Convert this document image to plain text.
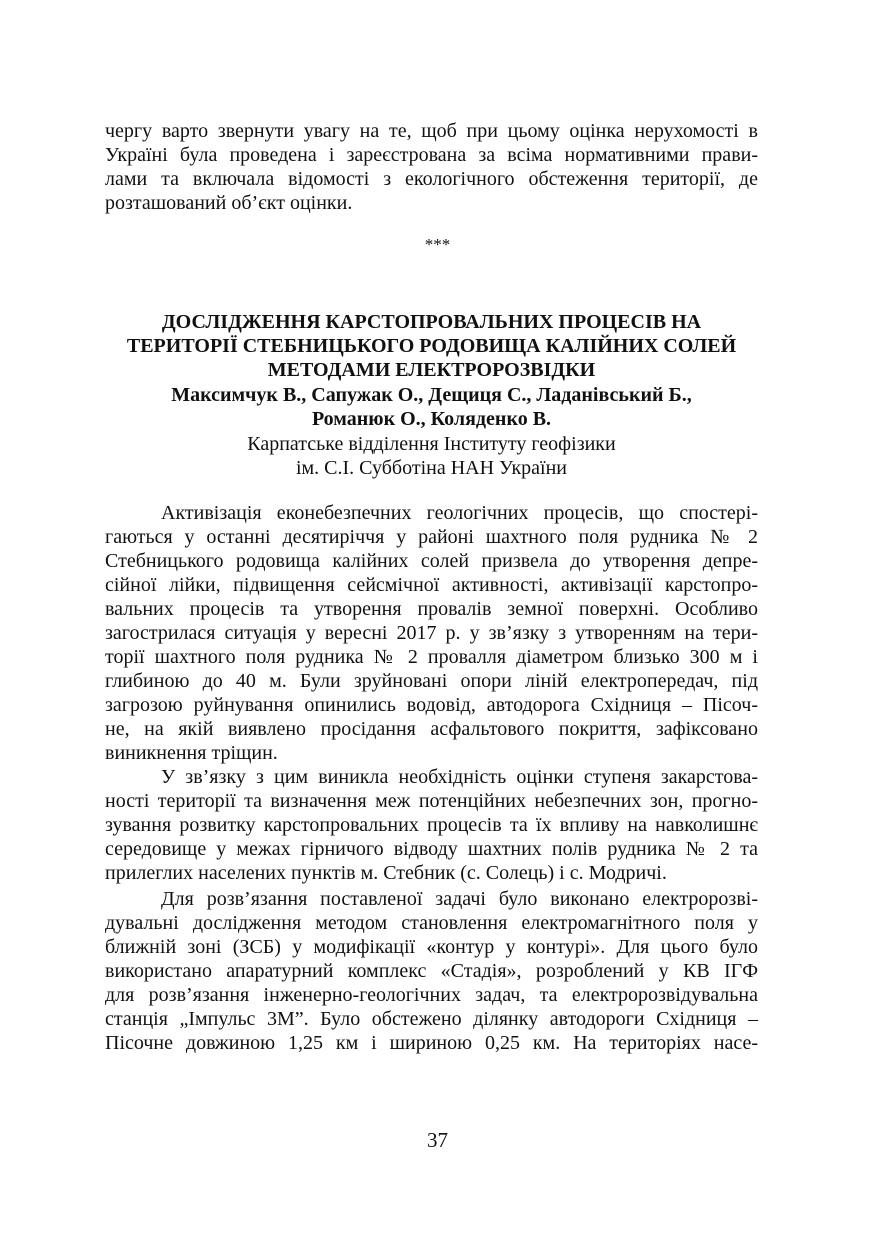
чергу варто звернути увагу на те, щоб при цьому оцінка нерухомості в
Україні була проведена і зареєстрована за всіма нормативними прави-
лами та включала відомості з екологічного обстеження території, де
розташований об’єкт оцінки.
***
ДОСЛІДЖЕННЯ КАРСТОПРОВАЛЬНИХ ПРОЦЕСІВ НА
ТЕРИТОРІЇ СТЕБНИЦЬКОГО РОДОВИЩА КАЛІЙНИХ СОЛЕЙ
МЕТОДАМИ ЕЛЕКТРОРОЗВІДКИ
Максимчук В., Сапужак О., Дещиця С., Ладанівський Б.,
Романюк О., Коляденко В.
Карпатське відділення Інституту геофізики
ім. С.І. Субботіна НАН України
Активізація еконебезпечних геологічних процесів, що спостері-
гаються у останні десятиріччя у районі шахтного поля рудника № 2
Стебницького родовища калійних солей призвела до утворення депре-
сійної лійки, підвищення сейсмічної активності, активізації карстопро-
вальних процесів та утворення провалів земної поверхні. Особливо
загострилася ситуація у вересні 2017 р. у зв’язку з утворенням на тери-
торії шахтного поля рудника № 2 провалля діаметром близько 300 м і
глибиною до 40 м. Були зруйновані опори ліній електропередач, під
загрозою руйнування опинились водовід, автодорога Східниця – Пісоч-
не, на якій виявлено просідання асфальтового покриття, зафіксовано
виникнення тріщин.
У зв’язку з цим виникла необхідність оцінки ступеня закарстова-
ності території та визначення меж потенційних небезпечних зон, прогно-
зування розвитку карстопровальних процесів та їх впливу на навколишнє
середовище у межах гірничого відводу шахтних полів рудника № 2 та
прилеглих населених пунктів м. Стебник (с. Солець) і с. Модричі.
Для розв’язання поставленої задачі було виконано електророзві-
дувальні дослідження методом становлення електромагнітного поля у
ближній зоні (ЗСБ) у модифікації «контур у контурі». Для цього було
використано апаратурний комплекс «Стадія», розроблений у КВ ІГФ
для розв’язання інженерно-геологічних задач, та електророзвідувальна
станція „Імпульс 3М”. Було обстежено ділянку автодороги Східниця –
Пісочне довжиною 1,25 км і шириною 0,25 км. На територіях насе-
37
